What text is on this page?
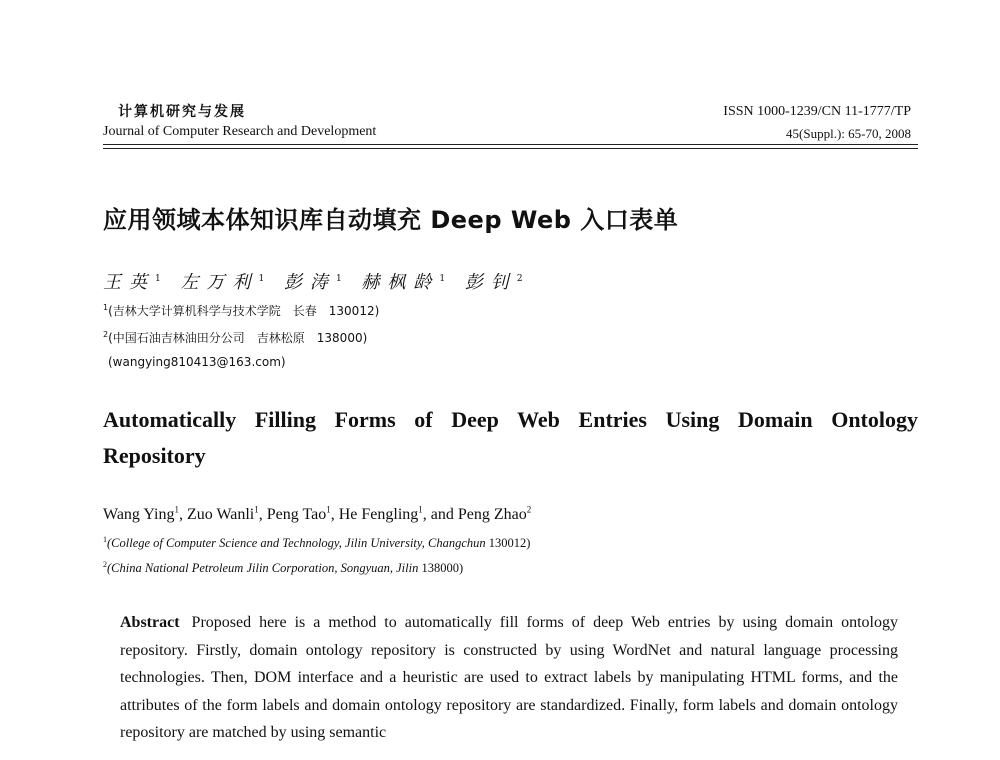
计算机研究与发展
Journal of Computer Research and Development
ISSN 1000-1239/CN 11-1777/TP
45(Suppl.): 65-70, 2008
应用领域本体知识库自动填充 Deep Web 入口表单
王英$^1$ 左万利$^1$ 彭涛$^1$ 赫枫龄$^1$ 彭钊$^2$
$^1$(吉林大学计算机科学与技术学院　长春　130012)
$^2$(中国石油吉林油田分公司　吉林松原　138000)
(wangying810413@163.com)
Automatically Filling Forms of Deep Web Entries Using Domain Ontology Repository
Wang Ying$^1$, Zuo Wanli$^1$, Peng Tao$^1$, He Fengling$^1$, and Peng Zhao$^2$
$^1$(College of Computer Science and Technology, Jilin University, Changchun 130012)
$^2$(China National Petroleum Jilin Corporation, Songyuan, Jilin 138000)
Abstract Proposed here is a method to automatically fill forms of deep Web entries by using domain ontology repository. Firstly, domain ontology repository is constructed by using WordNet and natural language processing technologies. Then, DOM interface and a heuristic are used to extract labels by manipulating HTML forms, and the attributes of the form labels and domain ontology repository are standardized. Finally, form labels and domain ontology repository are matched by using semantic
